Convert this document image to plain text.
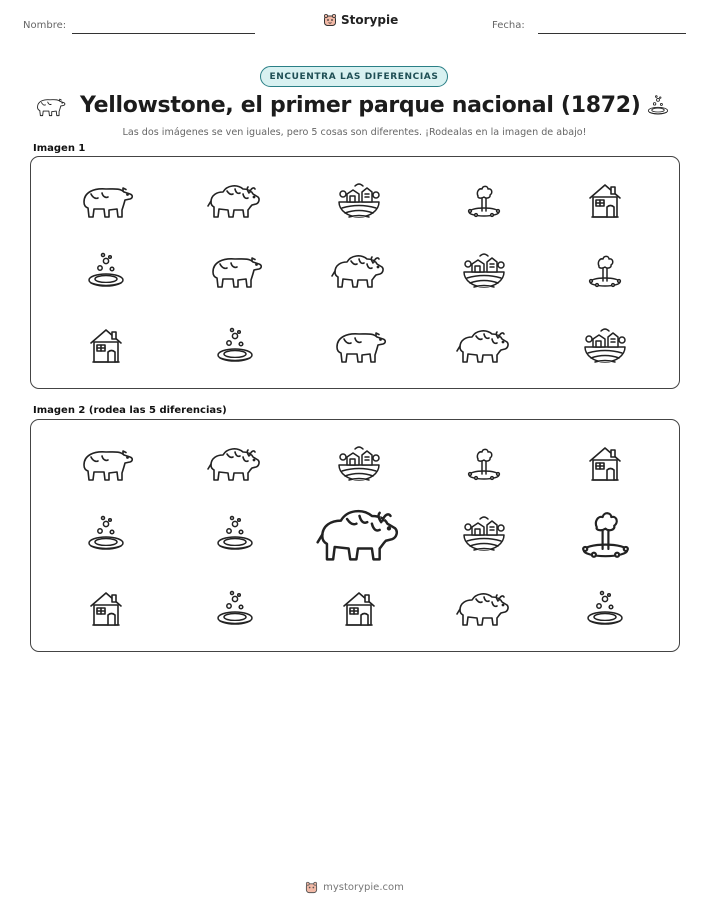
Nombre:	Storypie	Fecha:
ENCUENTRA LAS DIFERENCIAS
Yellowstone, el primer parque nacional (1872)
Las dos imágenes se ven iguales, pero 5 cosas son diferentes. ¡Rodealas en la imagen de abajo!
Imagen 1
Imagen 2 (rodea las 5 diferencias)
mystorypie.com
